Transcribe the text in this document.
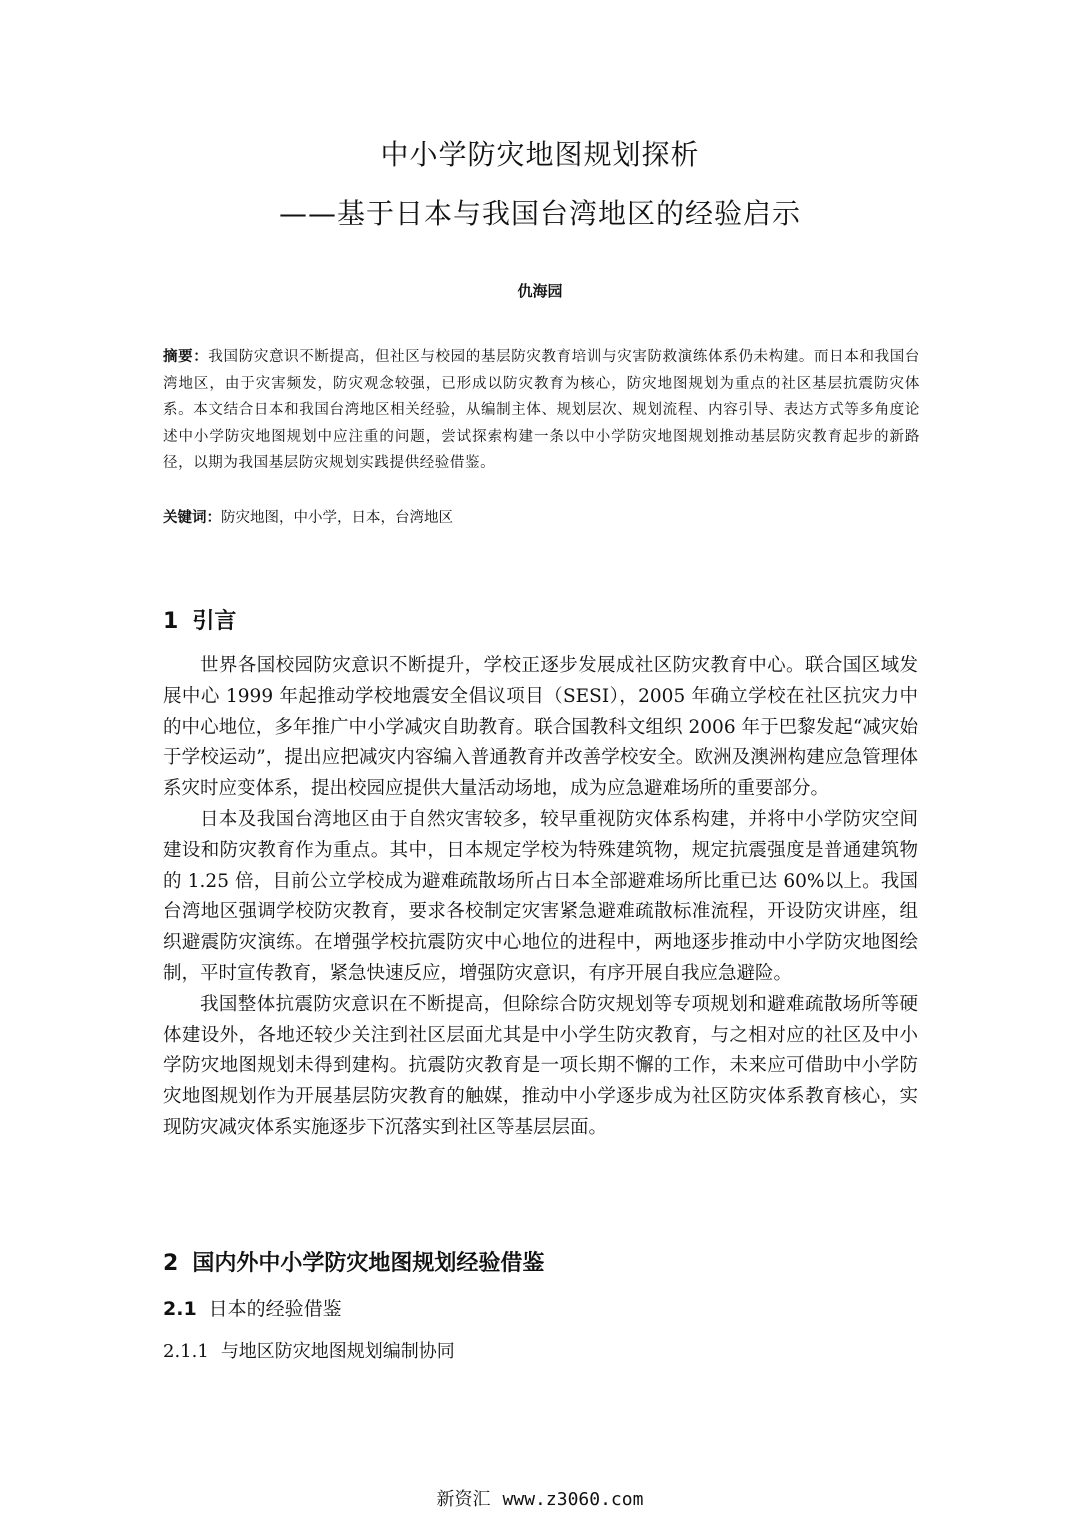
中小学防灾地图规划探析
——基于日本与我国台湾地区的经验启示
仇海园
摘要：我国防灾意识不断提高，但社区与校园的基层防灾教育培训与灾害防救演练体系仍未构建。而日本和我国台湾地区，由于灾害频发，防灾观念较强，已形成以防灾教育为核心，防灾地图规划为重点的社区基层抗震防灾体系。本文结合日本和我国台湾地区相关经验，从编制主体、规划层次、规划流程、内容引导、表达方式等多角度论述中小学防灾地图规划中应注重的问题，尝试探索构建一条以中小学防灾地图规划推动基层防灾教育起步的新路径，以期为我国基层防灾规划实践提供经验借鉴。
关键词：防灾地图，中小学，日本，台湾地区
1 引言

世界各国校园防灾意识不断提升，学校正逐步发展成社区防灾教育中心。联合国区域发展中心 1999 年起推动学校地震安全倡议项目（SESI），2005 年确立学校在社区抗灾力中的中心地位，多年推广中小学减灾自助教育。联合国教科文组织 2006 年于巴黎发起“减灾始于学校运动”，提出应把减灾内容编入普通教育并改善学校安全。欧洲及澳洲构建应急管理体系灾时应变体系，提出校园应提供大量活动场地，成为应急避难场所的重要部分。

日本及我国台湾地区由于自然灾害较多，较早重视防灾体系构建，并将中小学防灾空间建设和防灾教育作为重点。其中，日本规定学校为特殊建筑物，规定抗震强度是普通建筑物的 1.25 倍，目前公立学校成为避难疏散场所占日本全部避难场所比重已达 60%以上。我国台湾地区强调学校防灾教育，要求各校制定灾害紧急避难疏散标准流程，开设防灾讲座，组织避震防灾演练。在增强学校抗震防灾中心地位的进程中，两地逐步推动中小学防灾地图绘制，平时宣传教育，紧急快速反应，增强防灾意识，有序开展自我应急避险。

我国整体抗震防灾意识在不断提高，但除综合防灾规划等专项规划和避难疏散场所等硬体建设外，各地还较少关注到社区层面尤其是中小学生防灾教育，与之相对应的社区及中小学防灾地图规划未得到建构。抗震防灾教育是一项长期不懈的工作，未来应可借助中小学防灾地图规划作为开展基层防灾教育的触媒，推动中小学逐步成为社区防灾体系教育核心，实现防灾减灾体系实施逐步下沉落实到社区等基层层面。

2 国内外中小学防灾地图规划经验借鉴
2.1 日本的经验借鉴
2.1.1 与地区防灾地图规划编制协同
新资汇 www.z3060.com
